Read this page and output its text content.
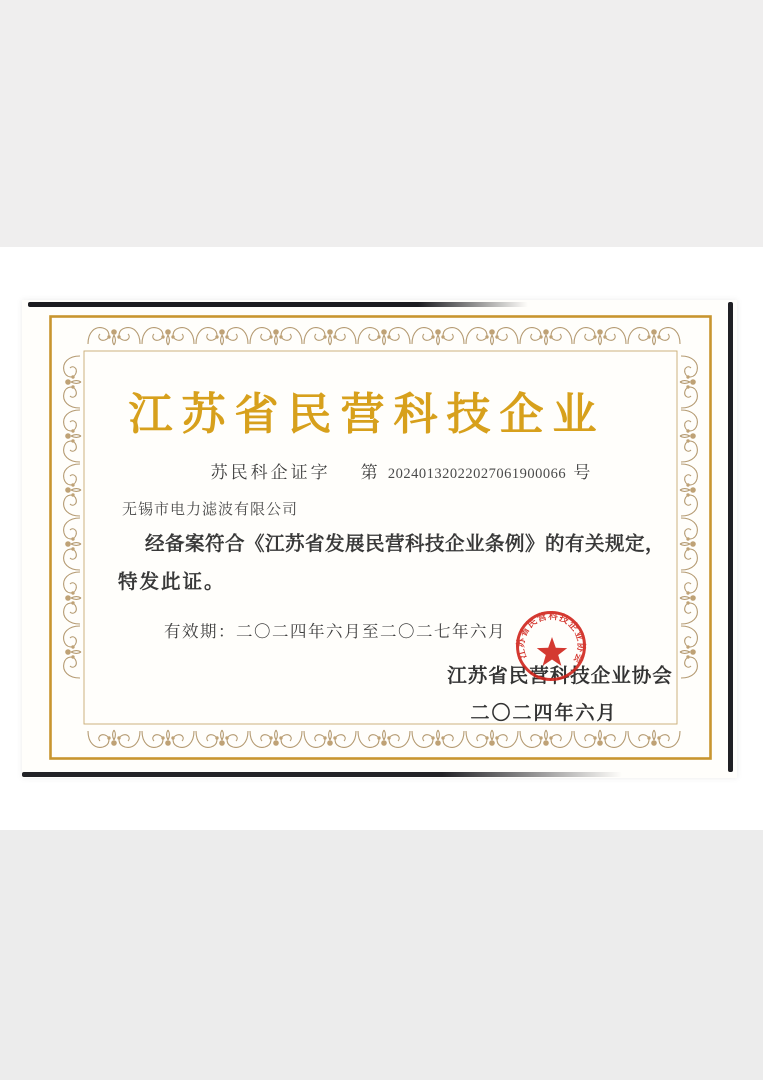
江苏省民营科技企业
苏民科企证字 第 20240132022027061900066 号
无锡市电力滤波有限公司
经备案符合《江苏省发展民营科技企业条例》的有关规定，
特发此证。
有效期：二〇二四年六月至二〇二七年六月
江苏省民营科技企业协会
二〇二四年六月
江苏省民营科技企业协会
